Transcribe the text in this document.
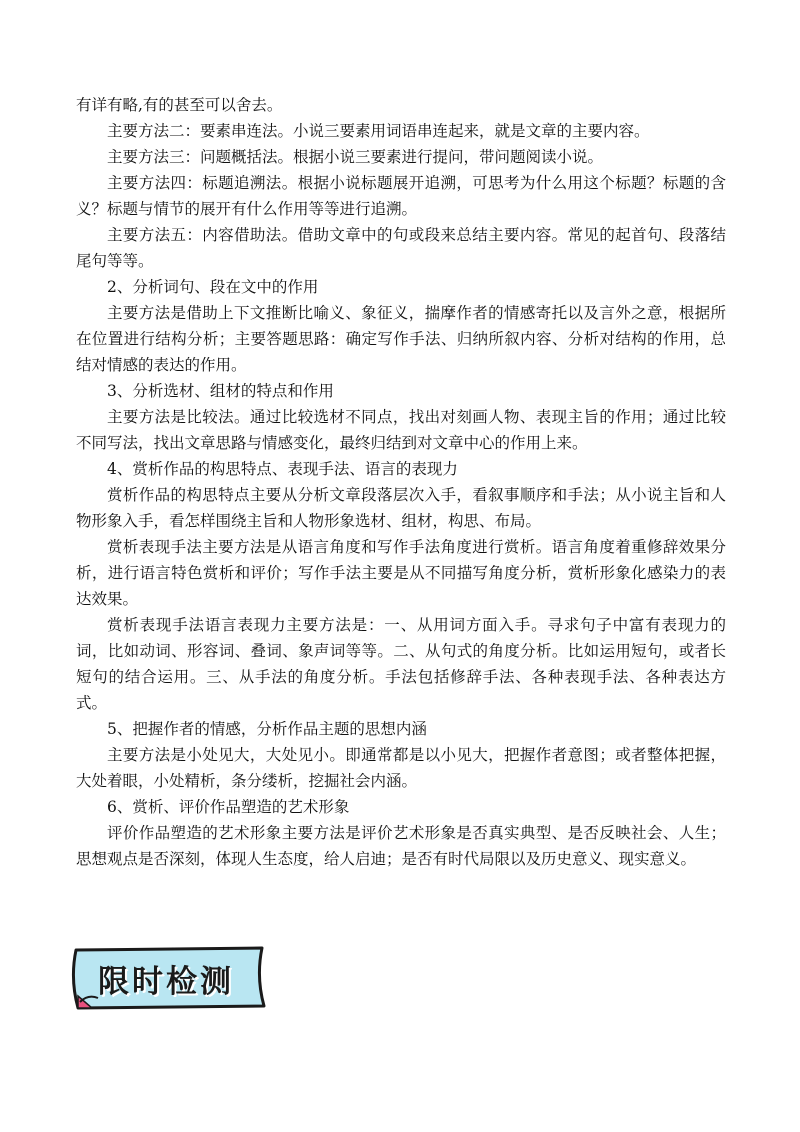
有详有略,有的甚至可以舍去。

主要方法二：要素串连法。小说三要素用词语串连起来，就是文章的主要内容。

主要方法三：问题概括法。根据小说三要素进行提问，带问题阅读小说。

主要方法四：标题追溯法。根据小说标题展开追溯，可思考为什么用这个标题？标题的含义？标题与情节的展开有什么作用等等进行追溯。

主要方法五：内容借助法。借助文章中的句或段来总结主要内容。常见的起首句、段落结尾句等等。

2、分析词句、段在文中的作用

主要方法是借助上下文推断比喻义、象征义，揣摩作者的情感寄托以及言外之意，根据所在位置进行结构分析；主要答题思路：确定写作手法、归纳所叙内容、分析对结构的作用，总结对情感的表达的作用。

3、分析选材、组材的特点和作用

主要方法是比较法。通过比较选材不同点，找出对刻画人物、表现主旨的作用；通过比较不同写法，找出文章思路与情感变化，最终归结到对文章中心的作用上来。

4、赏析作品的构思特点、表现手法、语言的表现力

赏析作品的构思特点主要从分析文章段落层次入手，看叙事顺序和手法；从小说主旨和人物形象入手，看怎样围绕主旨和人物形象选材、组材，构思、布局。

赏析表现手法主要方法是从语言角度和写作手法角度进行赏析。语言角度着重修辞效果分析，进行语言特色赏析和评价；写作手法主要是从不同描写角度分析，赏析形象化感染力的表达效果。

赏析表现手法语言表现力主要方法是：一、从用词方面入手。寻求句子中富有表现力的词，比如动词、形容词、叠词、象声词等等。二、从句式的角度分析。比如运用短句，或者长短句的结合运用。三、从手法的角度分析。手法包括修辞手法、各种表现手法、各种表达方式。

5、把握作者的情感，分析作品主题的思想内涵

主要方法是小处见大，大处见小。即通常都是以小见大，把握作者意图；或者整体把握，大处着眼，小处精析，条分缕析，挖掘社会内涵。

6、赏析、评价作品塑造的艺术形象

评价作品塑造的艺术形象主要方法是评价艺术形象是否真实典型、是否反映社会、人生；思想观点是否深刻，体现人生态度，给人启迪；是否有时代局限以及历史意义、现实意义。

限时检测
